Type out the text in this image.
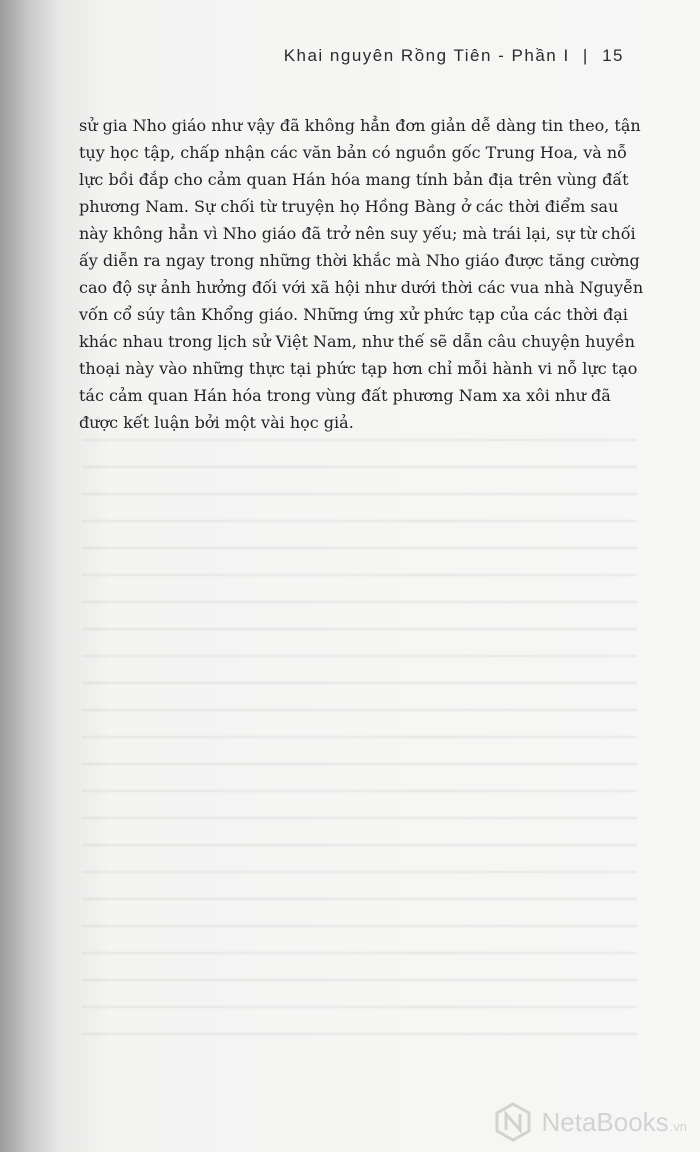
Khai nguyên Rồng Tiên - Phần I | 15
sử gia Nho giáo như vậy đã không hẳn đơn giản dễ dàng tin theo, tận
tụy học tập, chấp nhận các văn bản có nguồn gốc Trung Hoa, và nỗ
lực bồi đắp cho cảm quan Hán hóa mang tính bản địa trên vùng đất
phương Nam. Sự chối từ truyện họ Hồng Bàng ở các thời điểm sau
này không hẳn vì Nho giáo đã trở nên suy yếu; mà trái lại, sự từ chối
ấy diễn ra ngay trong những thời khắc mà Nho giáo được tăng cường
cao độ sự ảnh hưởng đối với xã hội như dưới thời các vua nhà Nguyễn
vốn cổ súy tân Khổng giáo. Những ứng xử phức tạp của các thời đại
khác nhau trong lịch sử Việt Nam, như thế sẽ dẫn câu chuyện huyền
thoại này vào những thực tại phức tạp hơn chỉ mỗi hành vi nỗ lực tạo
tác cảm quan Hán hóa trong vùng đất phương Nam xa xôi như đã
được kết luận bởi một vài học giả.
NetaBooks.vn
